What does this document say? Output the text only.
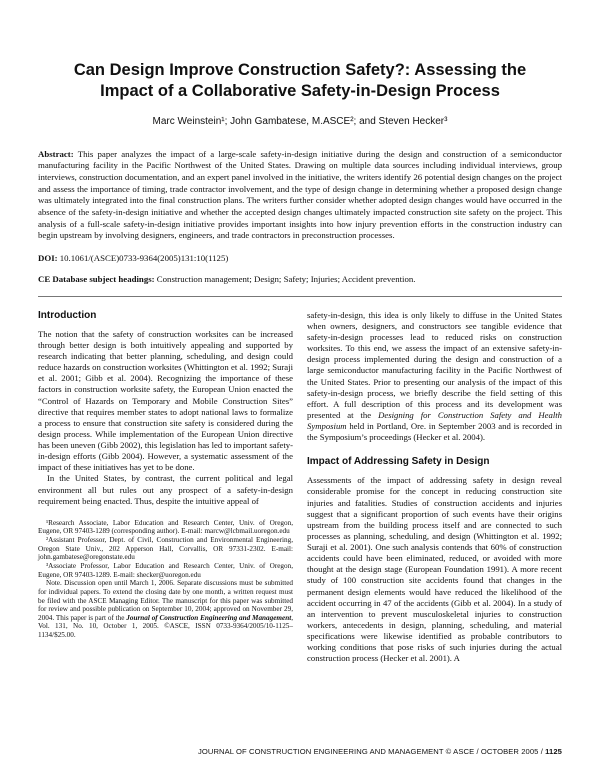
Can Design Improve Construction Safety?: Assessing the Impact of a Collaborative Safety-in-Design Process
Marc Weinstein¹; John Gambatese, M.ASCE²; and Steven Hecker³
Abstract: This paper analyzes the impact of a large-scale safety-in-design initiative during the design and construction of a semiconductor manufacturing facility in the Pacific Northwest of the United States. Drawing on multiple data sources including individual interviews, group interviews, construction documentation, and an expert panel involved in the initiative, the writers identify 26 potential design changes on the project and assess the importance of timing, trade contractor involvement, and the type of design change in determining whether a proposed design change was ultimately integrated into the final construction plans. The writers further consider whether adopted design changes would have occurred in the absence of the safety-in-design initiative and whether the accepted design changes ultimately impacted construction site safety on the project. This analysis of a full-scale safety-in-design initiative provides important insights into how injury prevention efforts in the construction industry can begin upstream by involving designers, engineers, and trade contractors in preconstruction processes.
DOI: 10.1061/(ASCE)0733-9364(2005)131:10(1125)
CE Database subject headings: Construction management; Design; Safety; Injuries; Accident prevention.
Introduction

The notion that the safety of construction worksites can be increased through better design is both intuitively appealing and supported by research indicating that better planning, scheduling, and design could reduce hazards on construction worksites (Whittington et al. 1992; Suraji et al. 2001; Gibb et al. 2004). Recognizing the importance of these factors in construction worksite safety, the European Union enacted the “Control of Hazards on Temporary and Mobile Construction Sites” directive that requires member states to adopt national laws to formalize a process to ensure that construction site safety is considered during the design process. While implementation of the European Union directive has been uneven (Gibb 2002), this legislation has led to important safety-in-design efforts (Gibb 2004). However, a systematic assessment of the impact of these initiatives has yet to be done.

In the United States, by contrast, the current political and legal environment all but rules out any prospect of a safety-in-design requirement being enacted. Thus, despite the intuitive appeal of

¹Research Associate, Labor Education and Research Center, Univ. of Oregon, Eugene, OR 97403-1289 (corresponding author). E-mail: marcw@lcbmail.uoregon.edu

²Assistant Professor, Dept. of Civil, Construction and Environmental Engineering, Oregon State Univ., 202 Apperson Hall, Corvallis, OR 97331-2302. E-mail: john.gambatese@oregonstate.edu

³Associate Professor, Labor Education and Research Center, Univ. of Oregon, Eugene, OR 97403-1289. E-mail: shecker@uoregon.edu

Note. Discussion open until March 1, 2006. Separate discussions must be submitted for individual papers. To extend the closing date by one month, a written request must be filed with the ASCE Managing Editor. The manuscript for this paper was submitted for review and possible publication on September 10, 2004; approved on November 29, 2004. This paper is part of the Journal of Construction Engineering and Management, Vol. 131, No. 10, October 1, 2005. ©ASCE, ISSN 0733-9364/2005/10-1125–1134/$25.00.

safety-in-design, this idea is only likely to diffuse in the United States when owners, designers, and constructors see tangible evidence that safety-in-design processes lead to reduced risks on construction worksites. To this end, we assess the impact of an extensive safety-in-design process implemented during the design and construction of a large semiconductor manufacturing facility in the Pacific Northwest of the United States. Prior to presenting our analysis of the impact of this safety-in-design process, we briefly describe the field setting of this effort. A full description of this process and its development was presented at the Designing for Construction Safety and Health Symposium held in Portland, Ore. in September 2003 and is recorded in the Symposium’s proceedings (Hecker et al. 2004).

Impact of Addressing Safety in Design

Assessments of the impact of addressing safety in design reveal considerable promise for the concept in reducing construction site injuries and fatalities. Studies of construction accidents and injuries suggest that a significant proportion of such events have their origins upstream from the building process itself and are connected to such processes as planning, scheduling, and design (Whittington et al. 1992; Suraji et al. 2001). One such analysis contends that 60% of construction accidents could have been eliminated, reduced, or avoided with more thought at the design stage (European Foundation 1991). A more recent study of 100 construction site accidents found that changes in the permanent design elements would have reduced the likelihood of the accident occurring in 47 of the accidents (Gibb et al. 2004). In a study of an intervention to prevent musculoskeletal injuries to construction workers, antecedents in design, planning, scheduling, and material specifications were likewise identified as probable contributors to working conditions that pose risks of such injuries during the actual construction process (Hecker et al. 2001). A

JOURNAL OF CONSTRUCTION ENGINEERING AND MANAGEMENT © ASCE / OCTOBER 2005 / 1125
